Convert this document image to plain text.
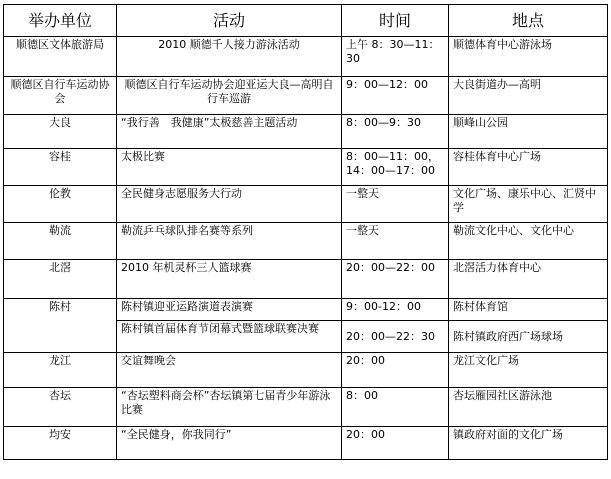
举办单位	活动	时间	地点
顺德区文体旅游局	2010 顺德千人接力游泳活动	上午 8：30—11：30	顺德体育中心游泳场
顺德区自行车运动协会	顺德区自行车运动协会迎亚运大良—高明自行车巡游	9：00—12：00	大良街道办—高明
大良	“我行善　我健康”太极慈善主题活动	8：00—9：30	顺峰山公园
容桂	太极比赛	8：00—11：00，14：00—17：00	容桂体育中心广场
伦教	全民健身志愿服务大行动	一整天	文化广场、康乐中心、汇贤中学
勒流	勒流乒乓球队排名赛等系列	一整天	勒流文化中心、文化中心
北滘	2010 年机灵杯三人篮球赛	20：00—22：00	北滘活力体育中心
陈村	陈村镇迎亚运路演道表演赛	9：00-12：00	陈村体育馆
	陈村镇首届体育节闭幕式暨篮球联赛决赛	20：00—22：30	陈村镇政府西广场球场
龙江	交谊舞晚会	20：00	龙江文化广场
杏坛	“杏坛塑料商会杯”杏坛镇第七届青少年游泳比赛	8：00	杏坛雁园社区游泳池
均安	“全民健身，你我同行”	20：00	镇政府对面的文化广场
